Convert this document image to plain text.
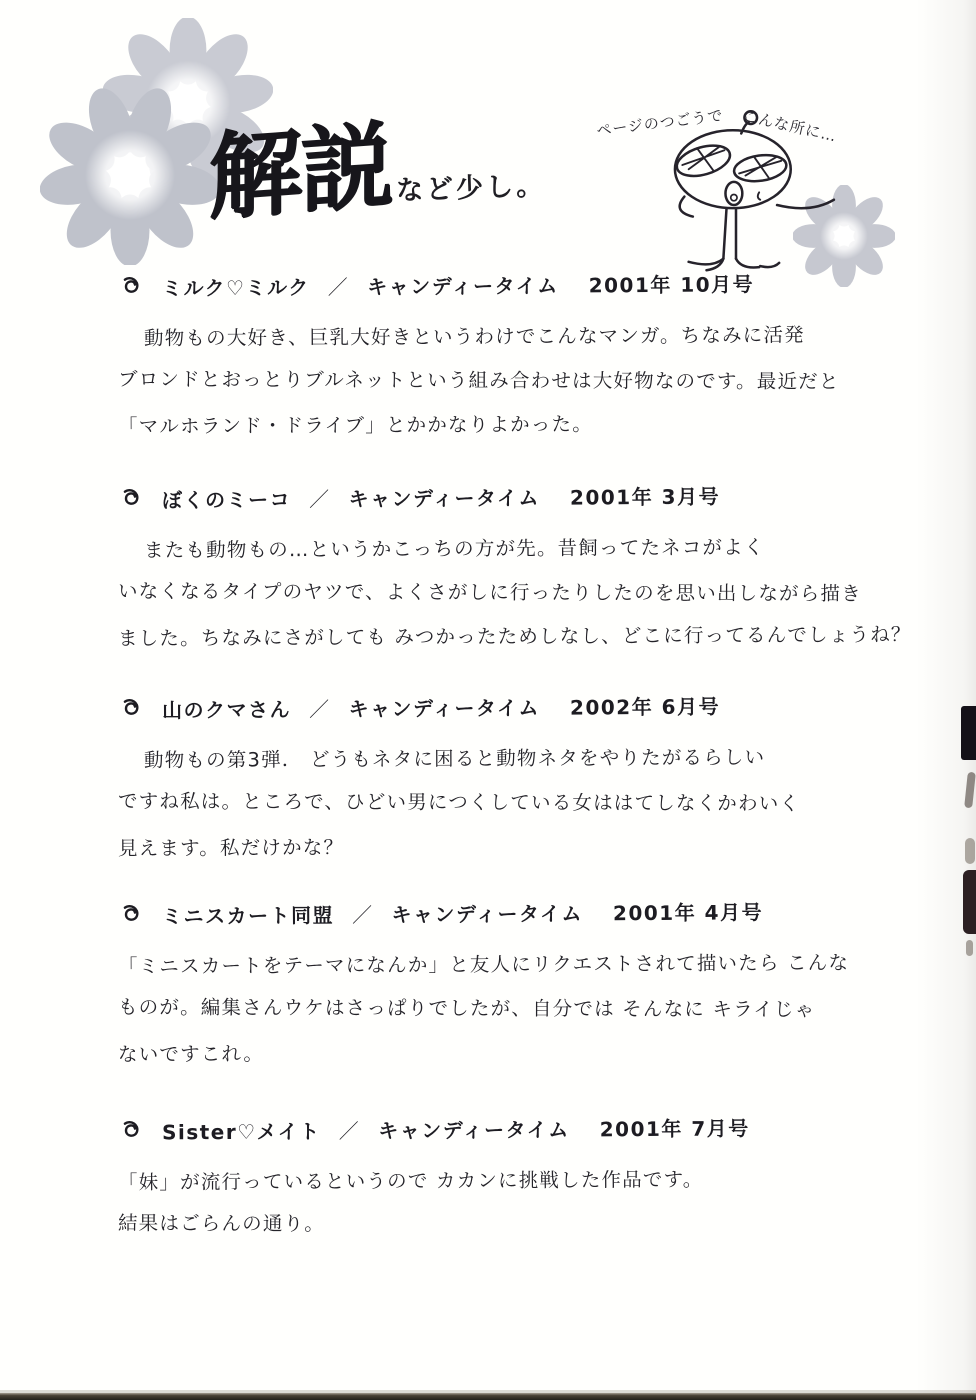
解説 など少し。
ページのつごうで こんな所に…
ミルク♡ミルク ／ キャンディータイム 2001年 10月号
動物もの大好き、巨乳大好きというわけでこんなマンガ。ちなみに活発
ブロンドとおっとりブルネットという組み合わせは大好物なのです。最近だと
「マルホランド・ドライブ」とかかなりよかった。
ぼくのミーコ ／ キャンディータイム 2001年 3月号
またも動物もの…というかこっちの方が先。昔飼ってたネコがよく
いなくなるタイプのヤツで、よくさがしに行ったりしたのを思い出しながら描き
ました。ちなみにさがしても みつかったためしなし、どこに行ってるんでしょうね？
山のクマさん ／ キャンディータイム 2002年 6月号
動物もの第3弾． どうもネタに困ると動物ネタをやりたがるらしい
ですね私は。ところで、ひどい男につくしている女ははてしなくかわいく
見えます。私だけかな？
ミニスカート同盟 ／ キャンディータイム 2001年 4月号
「ミニスカートをテーマになんか」と友人にリクエストされて描いたら こんな
ものが。編集さんウケはさっぱりでしたが、自分では そんなに キライじゃ
ないですこれ。
Sister♡メイト ／ キャンディータイム 2001年 7月号
「妹」が流行っているというので カカンに挑戦した作品です。
結果はごらんの通り。
